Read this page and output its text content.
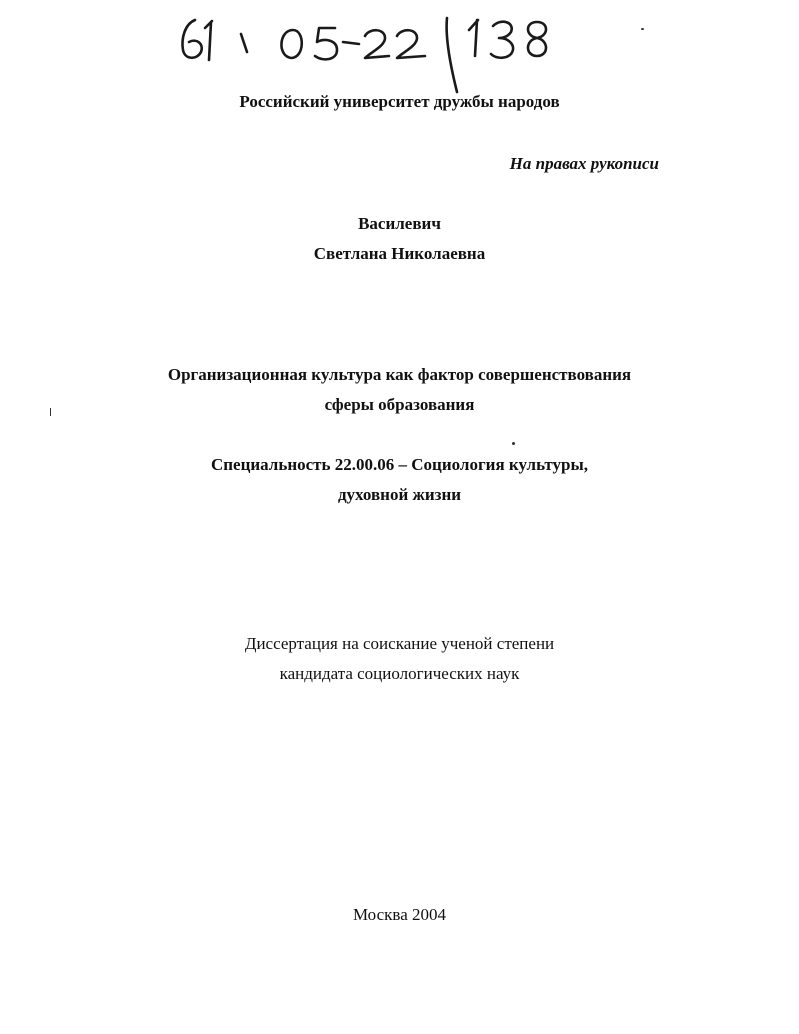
Российский университет дружбы народов
На правах рукописи
Василевич
Светлана Николаевна
Организационная культура как фактор совершенствования
сферы образования
Специальность 22.00.06 – Социология культуры,
духовной жизни
Диссертация на соискание ученой степени
кандидата социологических наук
Москва 2004
